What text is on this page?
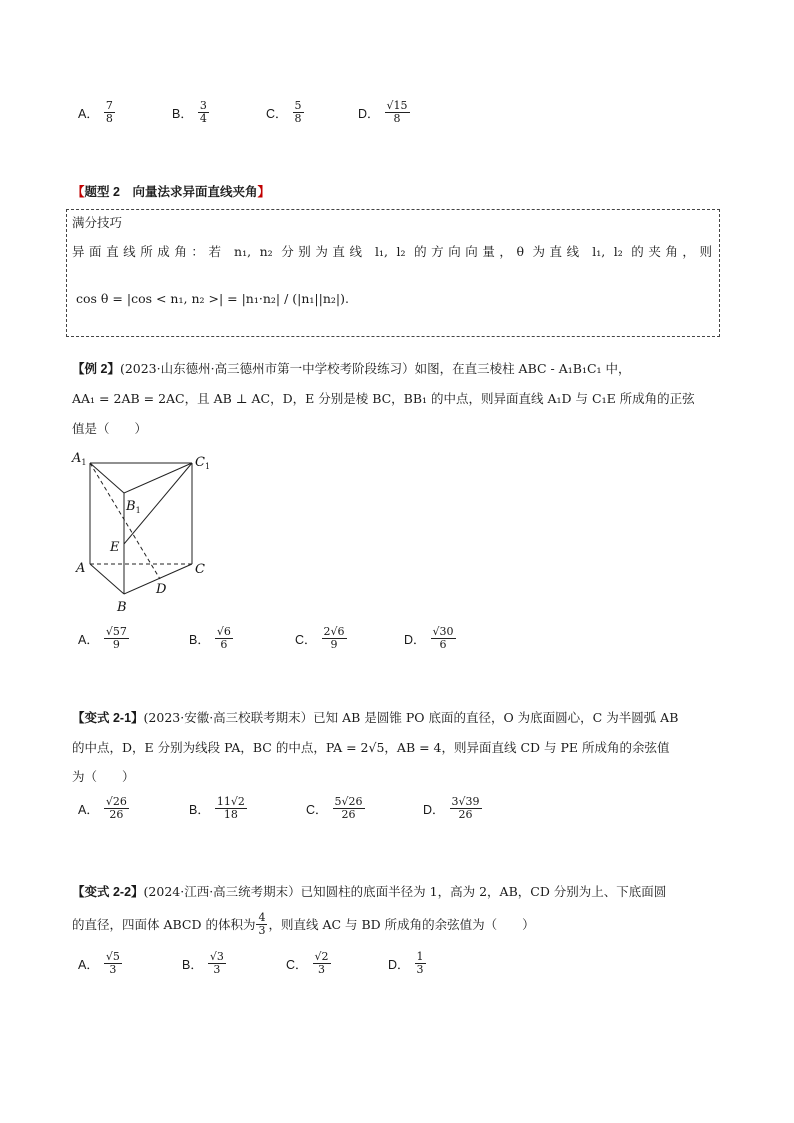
A． $\frac{7}{8}$	B． $\frac{3}{4}$	C． $\frac{5}{8}$	D． $\frac{√15}{8}$
【题型 2　向量法求异面直线夹角】
满分技巧
异面直线所成角：若 n₁, n₂ 分别为直线 l₁, l₂ 的方向向量，θ 为直线 l₁, l₂ 的夹角，则
cos θ = |cos < n₁, n₂ >| = |n₁·n₂| / (|n₁||n₂|).
【例 2】(2023·山东德州·高三德州市第一中学校考阶段练习）如图，在直三棱柱 ABC - A₁B₁C₁ 中，
AA₁ = 2AB = 2AC，且 AB ⊥ AC，D，E 分别是棱 BC，BB₁ 的中点，则异面直线 A₁D 与 C₁E 所成角的正弦
值是（　　）
$A_1$	$C_1$
$B_1$
E
A	C
B
D
A． $\frac{√57}{9}$	B． $\frac{√6}{6}$	C． $\frac{2√6}{9}$	D． $\frac{√30}{6}$
【变式 2-1】(2023·安徽·高三校联考期末）已知 AB 是圆锥 PO 底面的直径，O 为底面圆心，C 为半圆弧 AB
的中点，D，E 分别为线段 PA，BC 的中点，PA = 2√5，AB = 4，则异面直线 CD 与 PE 所成角的余弦值
为（　　）
A． $\frac{√26}{26}$	B． $\frac{11√2}{18}$	C． $\frac{5√26}{26}$	D． $\frac{3√39}{26}$
【变式 2-2】(2024·江西·高三统考期末）已知圆柱的底面半径为 1，高为 2，AB，CD 分别为上、下底面圆
的直径，四面体 ABCD 的体积为 $\frac{4}{3}$ ，则直线 AC 与 BD 所成角的余弦值为（　　）
A． $\frac{√5}{3}$	B． $\frac{√3}{3}$	C． $\frac{√2}{3}$	D． $\frac{1}{3}$
